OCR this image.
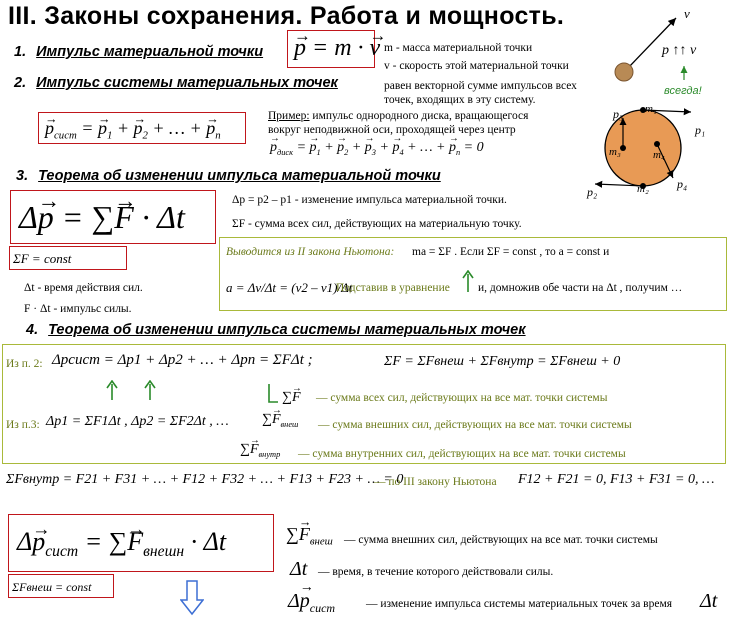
III. Законы сохранения. Работа и мощность.
1. Импульс материальной точки
→ p = m · → v m - масса материальной точки
v - скорость этой материальной точки
v
p ↑↑ v
всегда!
2. Импульс системы материальных точек	равен векторной сумме импульсов всех
точек, входящих в эту систему.
→ $p_{сист}$ = → $p_1$ + → $p_2$ + … + → $p_n$
Пример: импульс однородного диска, вращающегося
вокруг неподвижной оси, проходящей через центр
→ $p_{диск}$ = → $p_1$ + → $p_2$ + → $p_3$ + → $p_4$ + … + → $p_n = 0$
m₁
m₂
m₃	m₄
p₁
p₂
p₃
p₄
3. Теорема об изменении импульса материальной точки
Δ→ p = ∑→ F · Δt
ΣF = const
Δp = p2 – p1 - изменение импульса материальной точки.
ΣF - сумма всех сил, действующих на материальную точку.
Δt - время действия сил.
F · Δt - импульс силы.
Выводится из II закона Ньютона: ma = ΣF . Если ΣF = const , то a = const и
a = Δv/Δt = (v2 – v1)/Δt
Подставив в уравнение и, домножив обе части на Δt , получим …
4. Теорема об изменении импульса системы материальных точек
Из п. 2: Δpсист = Δp1 + Δp2 + … + Δpn = ΣFΔt ;	ΣF = ΣFвнеш + ΣFвнутр = ΣFвнеш + 0
∑→ F — сумма всех сил, действующих на все мат. точки системы
Из п.3: Δp1 = ΣF1Δt , Δp2 = ΣF2Δt , … ∑→ $F_{внеш}$ — сумма внешних сил, действующих на все мат. точки системы
∑→ $F_{внутр}$ — сумма внутренних сил, действующих на все мат. точки системы
ΣFвнутр = F21 + F31 + … + F12 + F32 + … + F13 + F23 + … = 0
— по III закону Ньютона F12 + F21 = 0, F13 + F31 = 0, …
$\Delta\to p_{сист}$ = ∑→ $F_{внешн} \cdot \Delta t$
ΣFвнеш = const
∑→ $F_{внеш}$ — сумма внешних сил, действующих на все мат. точки системы
Δt — время, в течение которого действовали силы.
$\Delta\to p_{сист}$	— изменение импульса системы материальных точек за время Δt
